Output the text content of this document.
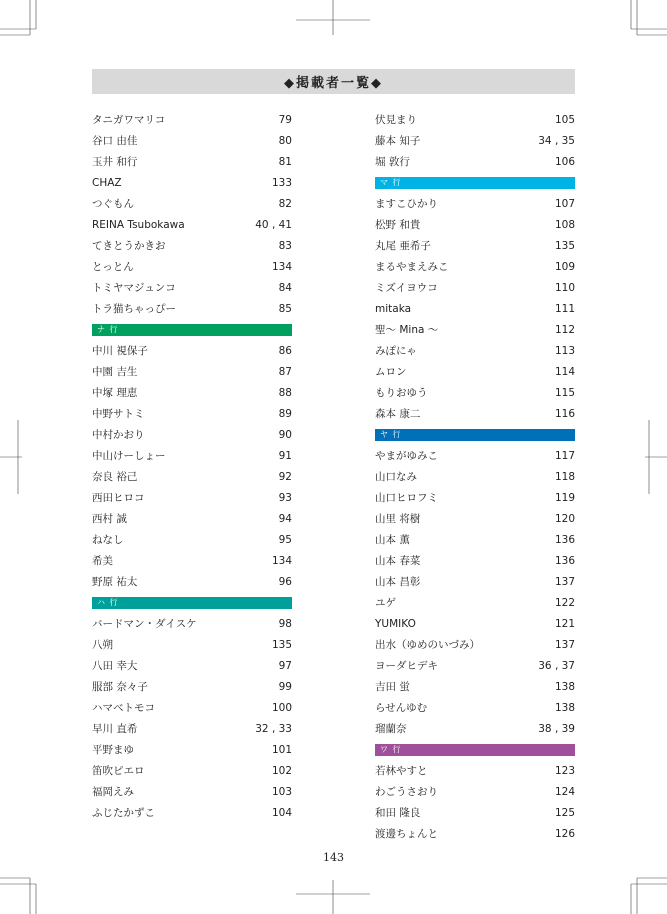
◆掲載者一覧◆
タニガワマリコ	79
谷口 由佳	80
玉井 和行	81
CHAZ	133
つぐもん	82
REINA Tsubokawa	40 , 41
てきとうかきお	83
とっとん	134
トミヤマジュンコ	84
トラ猫ちゃっぴー	85
ナ 行
中川 視保子	86
中園 吉生	87
中塚 理恵	88
中野サトミ	89
中村かおり	90
中山けーしょー	91
奈良 裕己	92
西田ヒロコ	93
西村 誠	94
ねなし	95
希美	134
野原 祐太	96
ハ 行
バードマン・ダイスケ	98
八朔	135
八田 幸大	97
服部 奈々子	99
ハマベトモコ	100
早川 直希	32 , 33
平野まゆ	101
笛吹ピエロ	102
福岡えみ	103
ふじたかずこ	104
伏見まり	105
藤本 知子	34 , 35
堀 敦行	106
マ 行
ますこひかり	107
松野 和貴	108
丸尾 亜希子	135
まるやまえみこ	109
ミズイヨウコ	110
mitaka	111
聖～ Mina ～	112
みぽにゃ	113
ムロン	114
もりおゆう	115
森本 康二	116
ヤ 行
やまがゆみこ	117
山口なみ	118
山口ヒロフミ	119
山里 将樹	120
山本 薫	136
山本 春菜	136
山本 昌彰	137
ユゲ	122
YUMIKO	121
出水（ゆめのいづみ）	137
ヨーダヒデキ	36 , 37
吉田 蛍	138
らせんゆむ	138
瑠蘭奈	38 , 39
ワ 行
若林やすと	123
わごうさおり	124
和田 隆良	125
渡邊ちょんと	126
143
